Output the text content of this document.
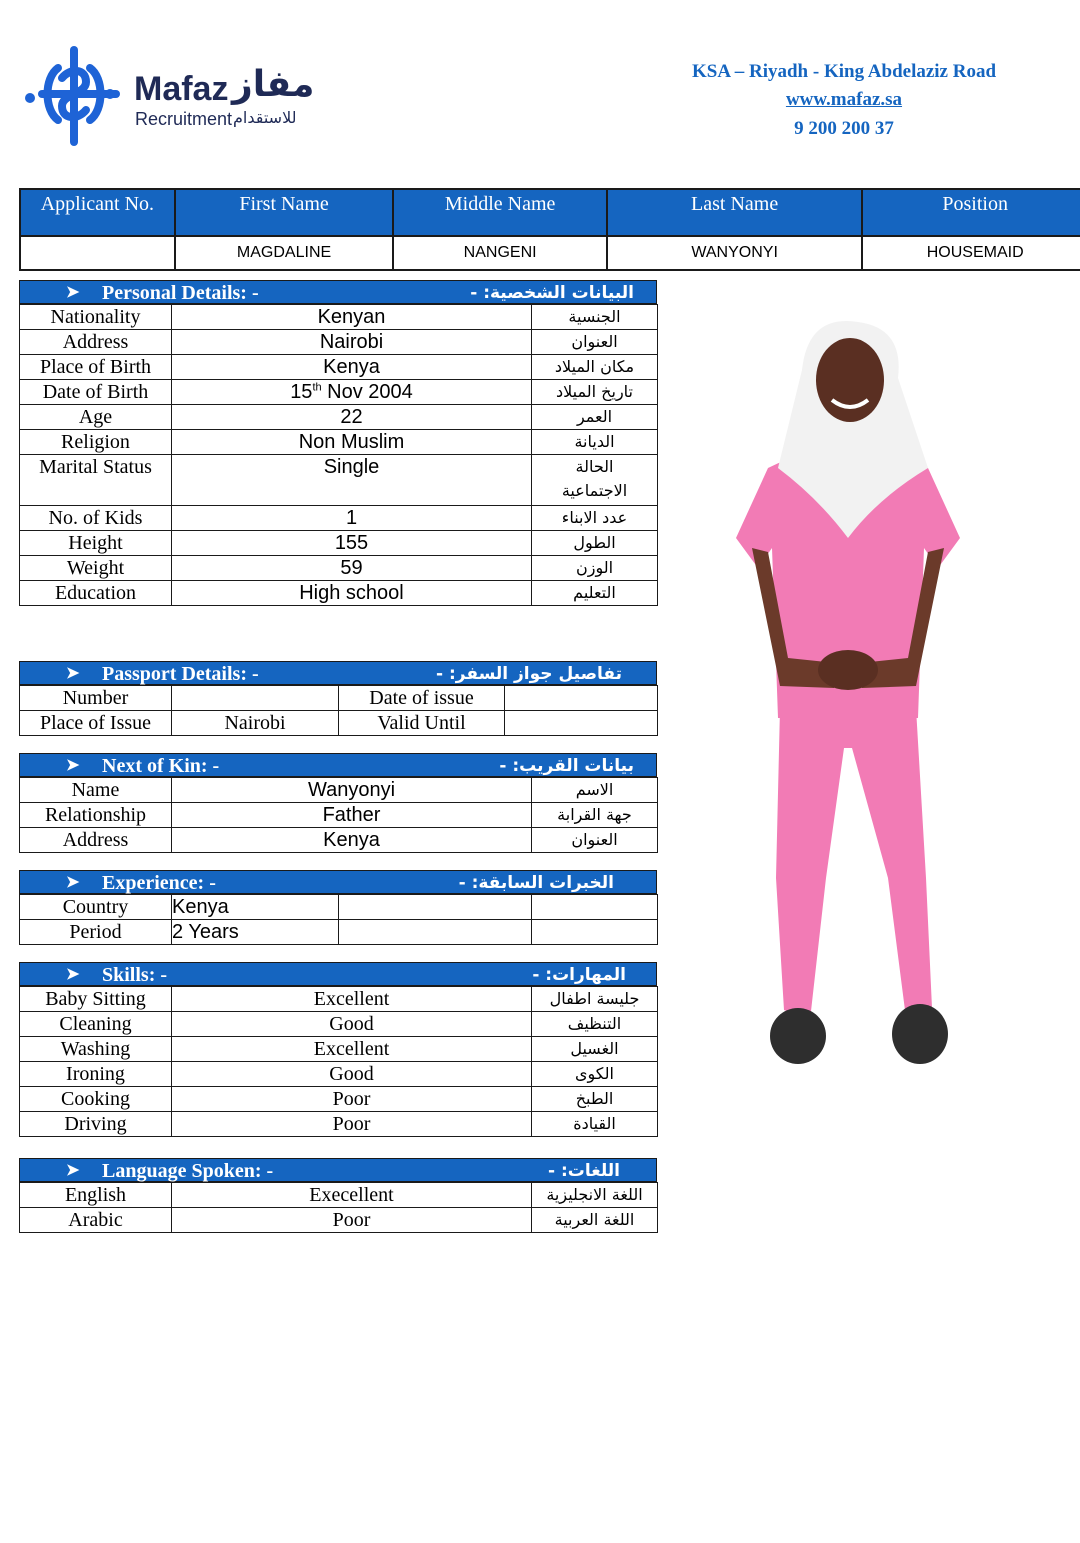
Mafaz مفاز
Recruitment للاستقدام
KSA – Riyadh - King Abdelaziz Road
www.mafaz.sa
9 200 200 37
Applicant No.	First Name	Middle Name	Last Name	Position
	MAGDALINE	NANGENI	WANYONYI	HOUSEMAID
➤ Personal Details: -	البيانات الشخصية: -
Nationality	Kenyan	الجنسية
Address	Nairobi	العنوان
Place of Birth	Kenya	مكان الميلاد
Date of Birth	15th Nov 2004	تاريخ الميلاد
Age	22	العمر
Religion	Non Muslim	الديانة
Marital Status	Single	الحالة
الاجتماعية

No. of Kids	1	عدد الابناء
Height	155	الطول
Weight	59	الوزن
Education	High school	التعليم
➤ Passport Details: -	تفاصيل جواز السفر: -
Number		Date of issue	
Place of Issue	Nairobi	Valid Until	
➤ Next of Kin: -	بيانات القريب: -
Name	Wanyonyi	الاسم
Relationship	Father	جهة القرابة
Address	Kenya	العنوان
➤ Experience: -	الخبرات السابقة: -
Country	Kenya		
Period	2 Years		
➤ Skills: -	المهارات: -
Baby Sitting	Excellent	جليسة اطفال
Cleaning	Good	التنظيف
Washing	Excellent	الغسيل
Ironing	Good	الكوى
Cooking	Poor	الطبخ
Driving	Poor	القيادة
➤ Language Spoken: -	اللغات: -
English	Execellent	اللغة الانجليزية
Arabic	Poor	اللغة العربية
